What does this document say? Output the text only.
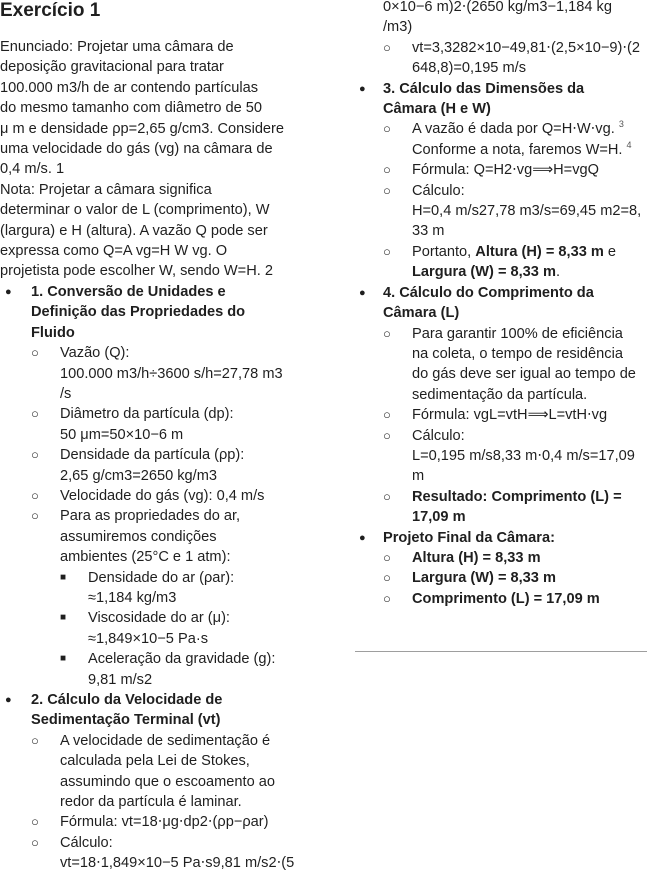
Exercício 1
Enunciado: Projetar uma câmara de
deposição gravitacional para tratar
100.000 m3/h de ar contendo partículas
do mesmo tamanho com diâmetro de 50
μ m e densidade ρp=2,65 g/cm3. Considere
uma velocidade do gás (vg) na câmara de
0,4 m/s. 1
Nota: Projetar a câmara significa
determinar o valor de L (comprimento), W
(largura) e H (altura). A vazão Q pode ser
expressa como Q=A vg=H W vg. O
projetista pode escolher W, sendo W=H. 2
● 1. Conversão de Unidades e
Definição das Propriedades do
Fluido
○ Vazão (Q):
100.000 m3/h÷3600 s/h=27,78 m3
/s
○ Diâmetro da partícula (dp):
50 μm=50×10−6 m
○ Densidade da partícula (ρp):
2,65 g/cm3=2650 kg/m3
○ Velocidade do gás (vg): 0,4 m/s
○ Para as propriedades do ar,
assumiremos condições
ambientes (25°C e 1 atm):
■ Densidade do ar (ρar):
≈1,184 kg/m3
■ Viscosidade do ar (μ):
≈1,849×10−5 Pa·s
■ Aceleração da gravidade (g):
9,81 m/s2
● 2. Cálculo da Velocidade de
Sedimentação Terminal (vt)
○ A velocidade de sedimentação é
calculada pela Lei de Stokes,
assumindo que o escoamento ao
redor da partícula é laminar.
○ Fórmula: vt=18⋅μg⋅dp2⋅(ρp−ρar)
○ Cálculo:
vt=18⋅1,849×10−5 Pa⋅s9,81 m/s2⋅(5
0×10−6 m)2⋅(2650 kg/m3−1,184 kg
/m3)
○ vt=3,3282×10−49,81⋅(2,5×10−9)⋅(2
648,8)=0,195 m/s
● 3. Cálculo das Dimensões da
Câmara (H e W)
○ A vazão é dada por Q=H⋅W⋅vg. $^3$
Conforme a nota, faremos W=H. $^4$
○ Fórmula: Q=H2⋅vg⟹H=vgQ
○ Cálculo:
H=0,4 m/s27,78 m3/s=69,45 m2=8,
33 m
○ Portanto, Altura (H) = 8,33 m e
Largura (W) = 8,33 m.
● 4. Cálculo do Comprimento da
Câmara (L)
○ Para garantir 100% de eficiência
na coleta, o tempo de residência
do gás deve ser igual ao tempo de
sedimentação da partícula.
○ Fórmula: vgL=vtH⟹L=vtH⋅vg
○ Cálculo:
L=0,195 m/s8,33 m⋅0,4 m/s=17,09
m
○ Resultado: Comprimento (L) =
17,09 m
● Projeto Final da Câmara:
○ Altura (H) = 8,33 m
○ Largura (W) = 8,33 m
○ Comprimento (L) = 17,09 m
